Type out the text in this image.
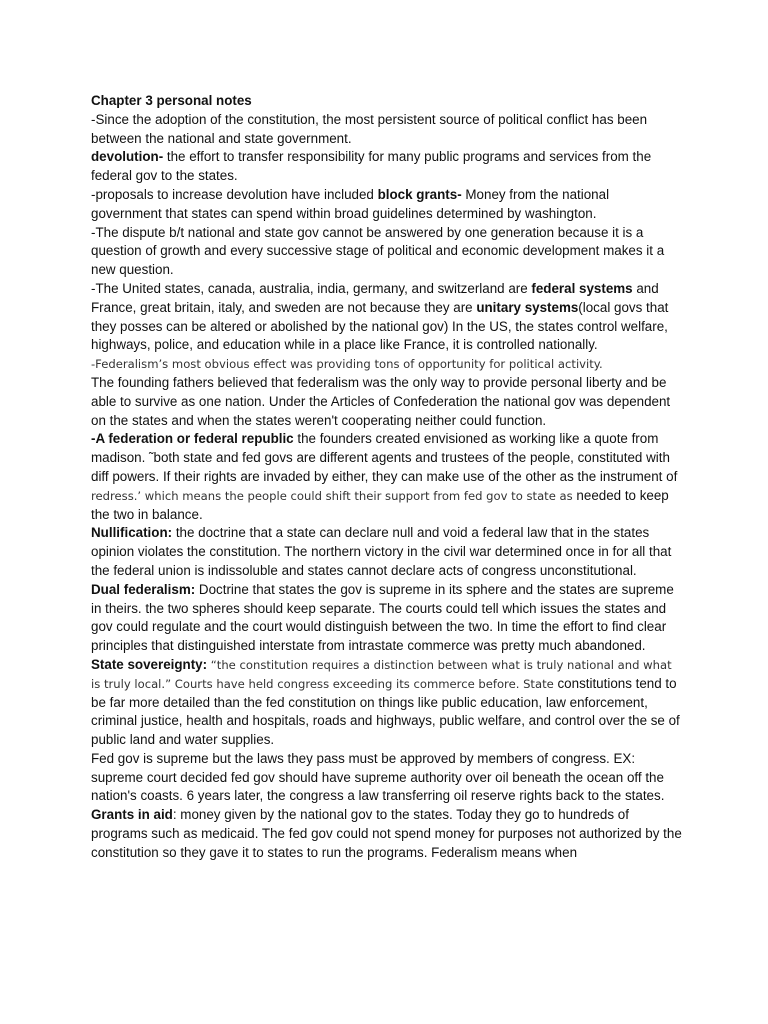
Chapter 3 personal notes

-Since the adoption of the constitution, the most persistent source of political conflict has been between the national and state government.

devolution- the effort to transfer responsibility for many public programs and services from the federal gov to the states.

-proposals to increase devolution have included block grants- Money from the national government that states can spend within broad guidelines determined by washington.

-The dispute b/t national and state gov cannot be answered by one generation because it is a question of growth and every successive stage of political and economic development makes it a new question.

-The United states, canada, australia, india, germany, and switzerland are federal systems and France, great britain, italy, and sweden are not because they are unitary systems(local govs that they posses can be altered or abolished by the national gov) In the US, the states control welfare, highways, police, and education while in a place like France, it is controlled nationally.

-Federalism’s most obvious effect was providing tons of opportunity for political activity.

The founding fathers believed that federalism was the only way to provide personal liberty and be able to survive as one nation. Under the Articles of Confederation the national gov was dependent on the states and when the states weren't cooperating neither could function.

-A federation or federal republic the founders created envisioned as working like a quote from madison. ˜both state and fed govs are different agents and trustees of the people, constituted with diff powers. If their rights are invaded by either, they can make use of the other as the instrument of redress.’ which means the people could shift their support from fed gov to state as needed to keep the two in balance.

Nullification: the doctrine that a state can declare null and void a federal law that in the states opinion violates the constitution. The northern victory in the civil war determined once in for all that the federal union is indissoluble and states cannot declare acts of congress unconstitutional.

Dual federalism: Doctrine that states the gov is supreme in its sphere and the states are supreme in theirs. the two spheres should keep separate. The courts could tell which issues the states and gov could regulate and the court would distinguish between the two. In time the effort to find clear principles that distinguished interstate from intrastate commerce was pretty much abandoned.

State sovereignty: “the constitution requires a distinction between what is truly national and what is truly local.” Courts have held congress exceeding its commerce before. State constitutions tend to be far more detailed than the fed constitution on things like public education, law enforcement, criminal justice, health and hospitals, roads and highways, public welfare, and control over the se of public land and water supplies.

Fed gov is supreme but the laws they pass must be approved by members of congress. EX: supreme court decided fed gov should have supreme authority over oil beneath the ocean off the nation's coasts. 6 years later, the congress a law transferring oil reserve rights back to the states.

Grants in aid: money given by the national gov to the states. Today they go to hundreds of programs such as medicaid. The fed gov could not spend money for purposes not authorized by the constitution so they gave it to states to run the programs. Federalism means when
